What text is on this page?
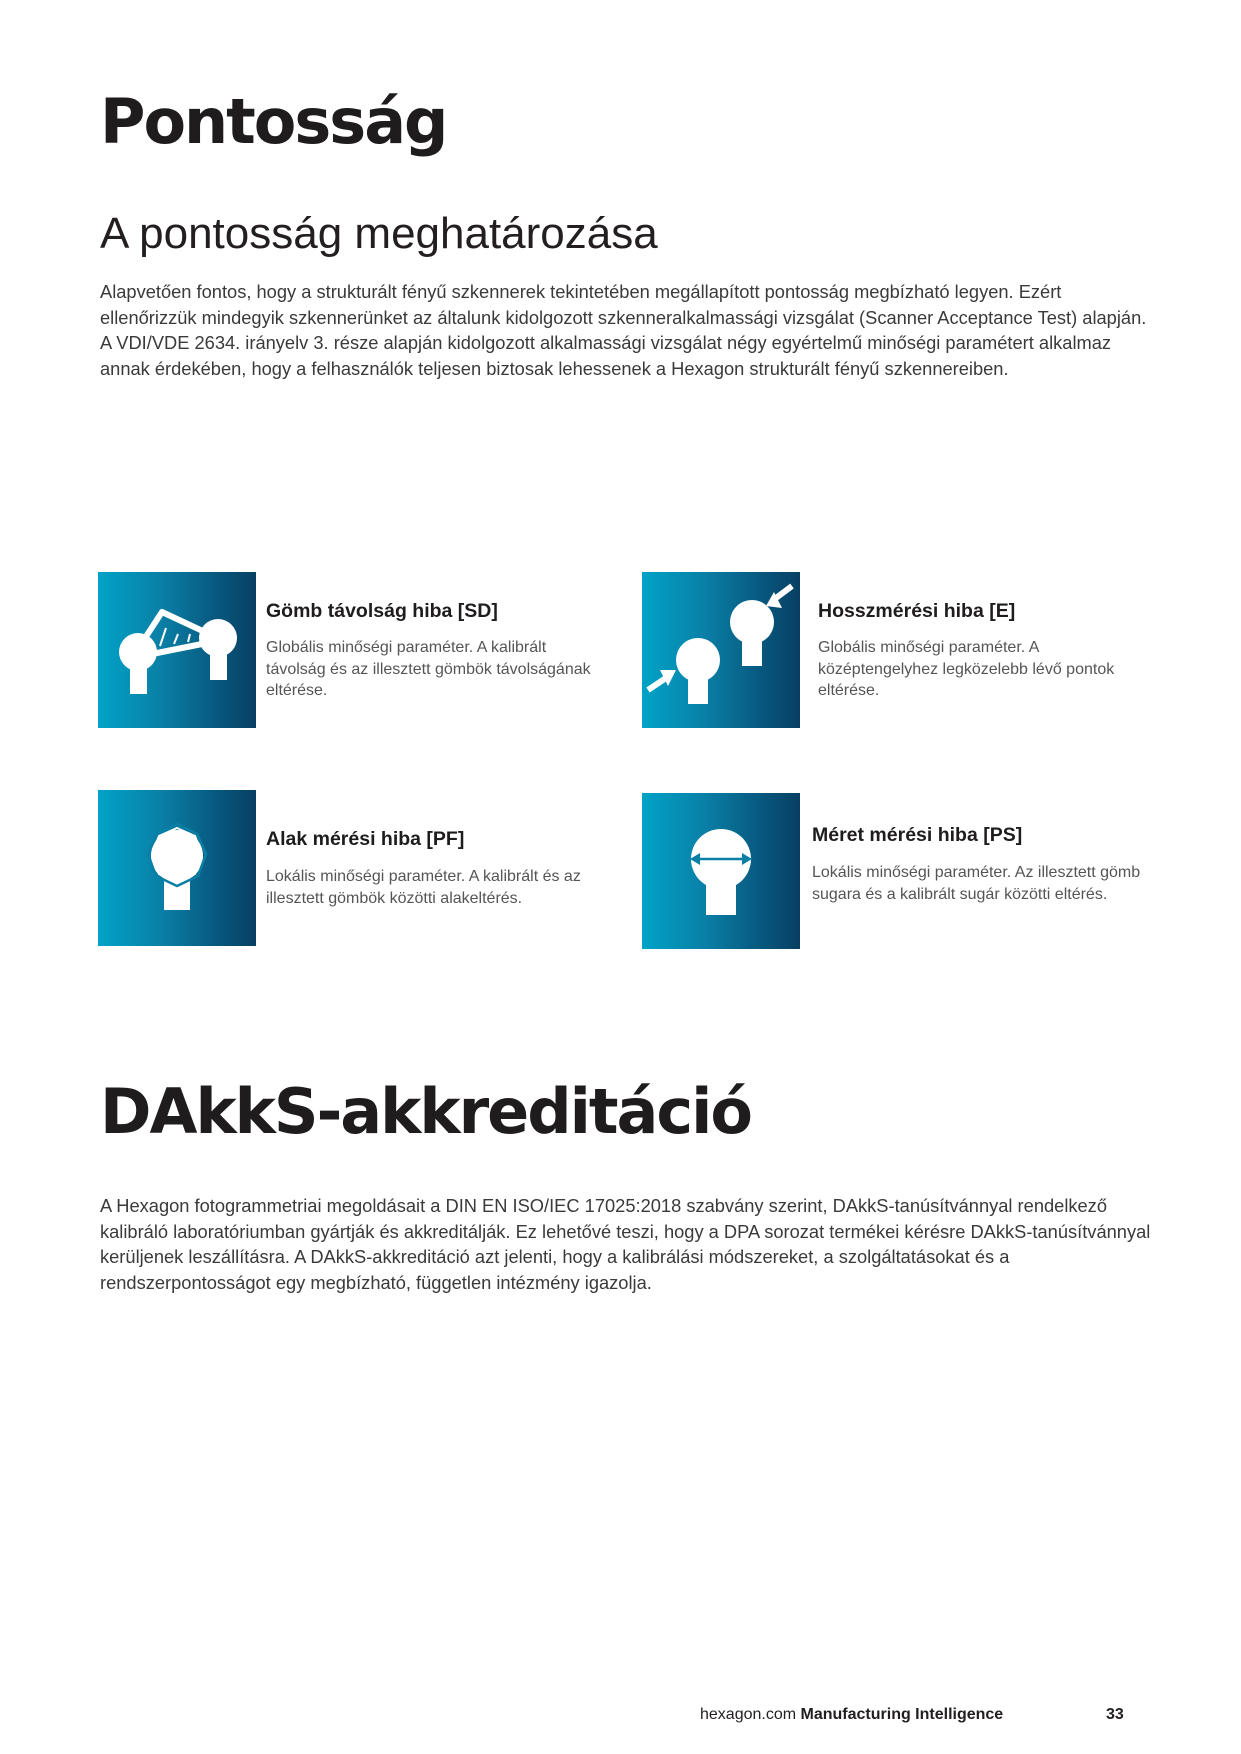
Pontosság
A pontosság meghatározása

Alapvetően fontos, hogy a strukturált fényű szkennerek tekintetében megállapított pontosság megbízható legyen. Ezért ellenőrizzük mindegyik szkennerünket az általunk kidolgozott szkenneralkalmassági vizsgálat (Scanner Acceptance Test) alapján. A VDI/VDE 2634. irányelv 3. része alapján kidolgozott alkalmassági vizsgálat négy egyértelmű minőségi paramétert alkalmaz annak érdekében, hogy a felhasználók teljesen biztosak lehessenek a Hexagon strukturált fényű szkennereiben.

Gömb távolság hiba [SD]

Globális minőségi paraméter. A kalibrált távolság és az illesztett gömbök távolságának eltérése.

Hosszmérési hiba [E]

Globális minőségi paraméter. A középtengelyhez legközelebb lévő pontok eltérése.

Alak mérési hiba [PF]

Lokális minőségi paraméter. A kalibrált és az illesztett gömbök közötti alakeltérés.

Méret mérési hiba [PS]

Lokális minőségi paraméter. Az illesztett gömb sugara és a kalibrált sugár közötti eltérés.

DAkkS-akkreditáció

A Hexagon fotogrammetriai megoldásait a DIN EN ISO/IEC 17025:2018 szabvány szerint, DAkkS-tanúsítvánnyal rendelkező kalibráló laboratóriumban gyártják és akkreditálják. Ez lehetővé teszi, hogy a DPA sorozat termékei kérésre DAkkS-tanúsítvánnyal kerüljenek leszállításra. A DAkkS-akkreditáció azt jelenti, hogy a kalibrálási módszereket, a szolgáltatásokat és a rendszerpontosságot egy megbízható, független intézmény igazolja.

hexagon.com Manufacturing Intelligence	33
